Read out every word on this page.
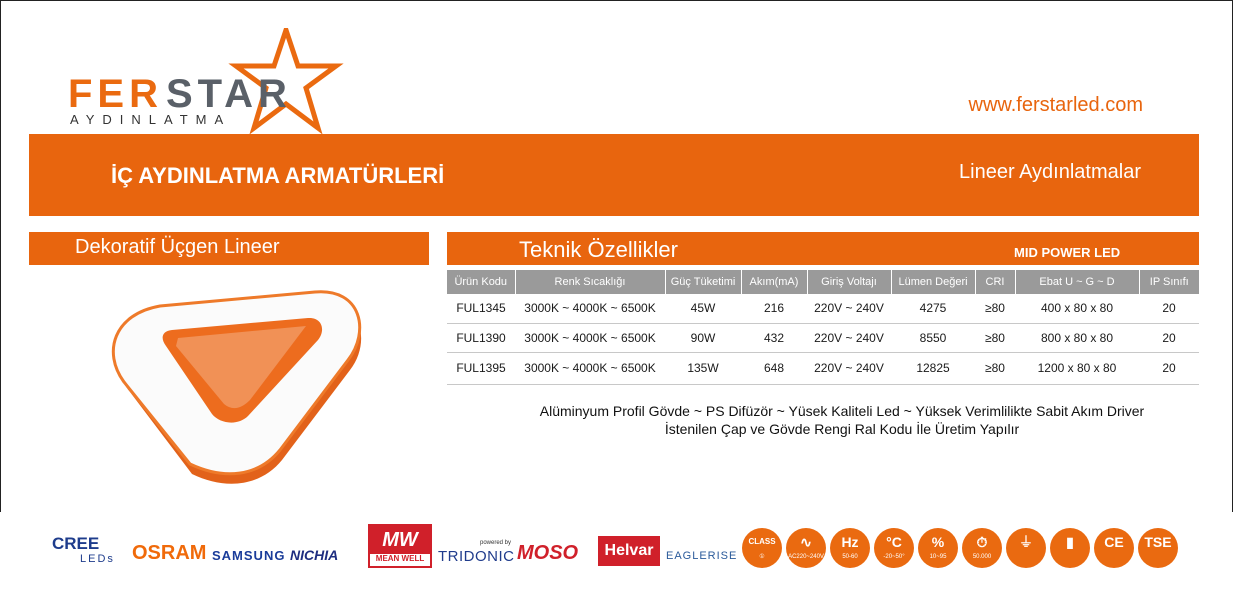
FER STAR
AYDINLATMA
www.ferstarled.com
İÇ AYDINLATMA ARMATÜRLERİ	Lineer Aydınlatmalar
Dekoratif Üçgen Lineer	Teknik Özellikler	MID POWER LED
Ürün Kodu	Renk Sıcaklığı	Güç Tüketimi	Akım(mA)	Giriş Voltajı	Lümen Değeri	CRI	Ebat U ~ G ~ D	IP Sınıfı
FUL1345	3000K ~ 4000K ~ 6500K	45W	216	220V ~ 240V	4275	≥80	400 x 80 x 80	20
FUL1390	3000K ~ 4000K ~ 6500K	90W	432	220V ~ 240V	8550	≥80	800 x 80 x 80	20
FUL1395	3000K ~ 4000K ~ 6500K	135W	648	220V ~ 240V	12825	≥80	1200 x 80 x 80	20
Alüminyum Profil Gövde ~ PS Difüzör ~ Yüsek Kaliteli Led ~ Yüksek Verimlilikte Sabit Akım Driver
İstenilen Çap ve Gövde Rengi Ral Kodu İle Üretim Yapılır
CREE
LEDs OSRAM SAMSUNG NICHIA
MW
MEAN WELL
powered by
TRIDONIC MOSO	Helvar	EAGLERISE
CLASS
①
∿
AC220~240V
Hz
50-60
°C
-20~50°
%
10~95
⏱
50.000
⏚	▮	CE	TSE
